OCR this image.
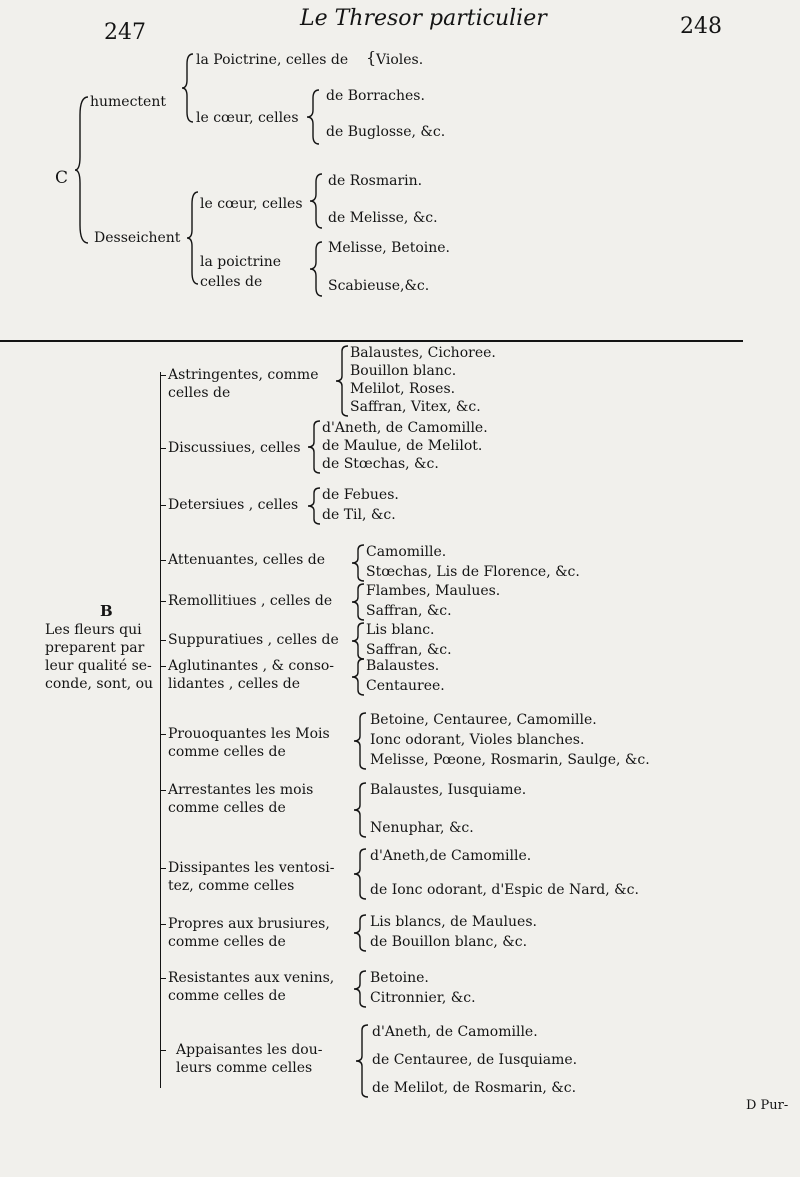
247
Le Thresor particulier	248
C
humectent
la Poictrine, celles de { Violes.
le cœur, celles
de Borraches.
de Buglosse, &c.
Desseichent
le cœur, celles
de Rosmarin.
de Melisse, &c.
la poictrine
celles de
Melisse, Betoine.
Scabieuse,&c.
B
Les fleurs qui
preparent par
leur qualité se-
conde, sont, ou
Astringentes, comme
celles de
Balaustes, Cichoree.
Bouillon blanc.
Melilot, Roses.
Saffran, Vitex, &c.
Discussiues, celles
d'Aneth, de Camomille.
de Maulue, de Melilot.
de Stœchas, &c.
Detersiues , celles
de Febues.
de Til, &c.
Attenuantes, celles de	Camomille.
Stœchas, Lis de Florence, &c.
Remollitiues , celles de
Flambes, Maulues.
Saffran, &c.
Suppuratiues , celles de
Lis blanc.
Saffran, &c.
Aglutinantes , & conso-
lidantes , celles de
Balaustes.
Centauree.
Prouoquantes les Mois
comme celles de
Betoine, Centauree, Camomille.
Ionc odorant, Violes blanches.
Melisse, Pœone, Rosmarin, Saulge, &c.
Arrestantes les mois
comme celles de
Balaustes, Iusquiame.
Nenuphar, &c.
Dissipantes les ventosi-
tez, comme celles
d'Aneth,de Camomille.
de Ionc odorant, d'Espic de Nard, &c.
Propres aux brusiures,
comme celles de
Lis blancs, de Maulues.
de Bouillon blanc, &c.
Resistantes aux venins,
comme celles de
Betoine.
Citronnier, &c.
Appaisantes les dou-
leurs comme celles
d'Aneth, de Camomille.
de Centauree, de Iusquiame.
de Melilot, de Rosmarin, &c.
D Pur-
